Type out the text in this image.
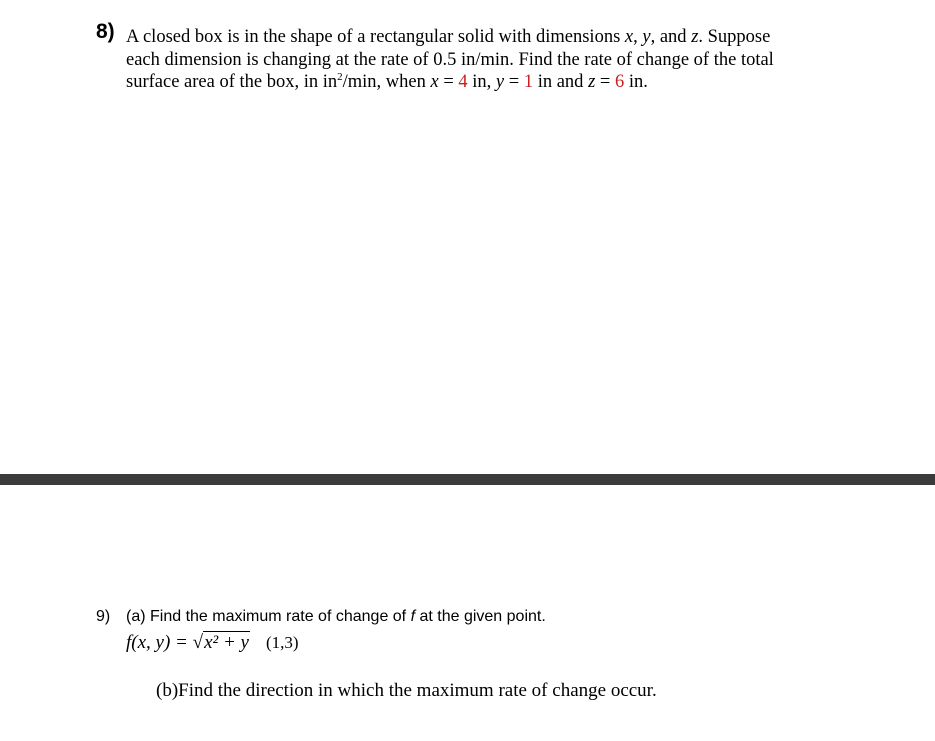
8) A closed box is in the shape of a rectangular solid with dimensions x, y, and z. Suppose
each dimension is changing at the rate of 0.5 in/min. Find the rate of change of the total
surface area of the box, in $in^2/\min$, when x = 4 in, y = 1 in and z = 6 in.
9) (a) Find the maximum rate of change of f at the given point.
f(x, y) = √x² + y (1,3)
(b)Find the direction in which the maximum rate of change occur.
